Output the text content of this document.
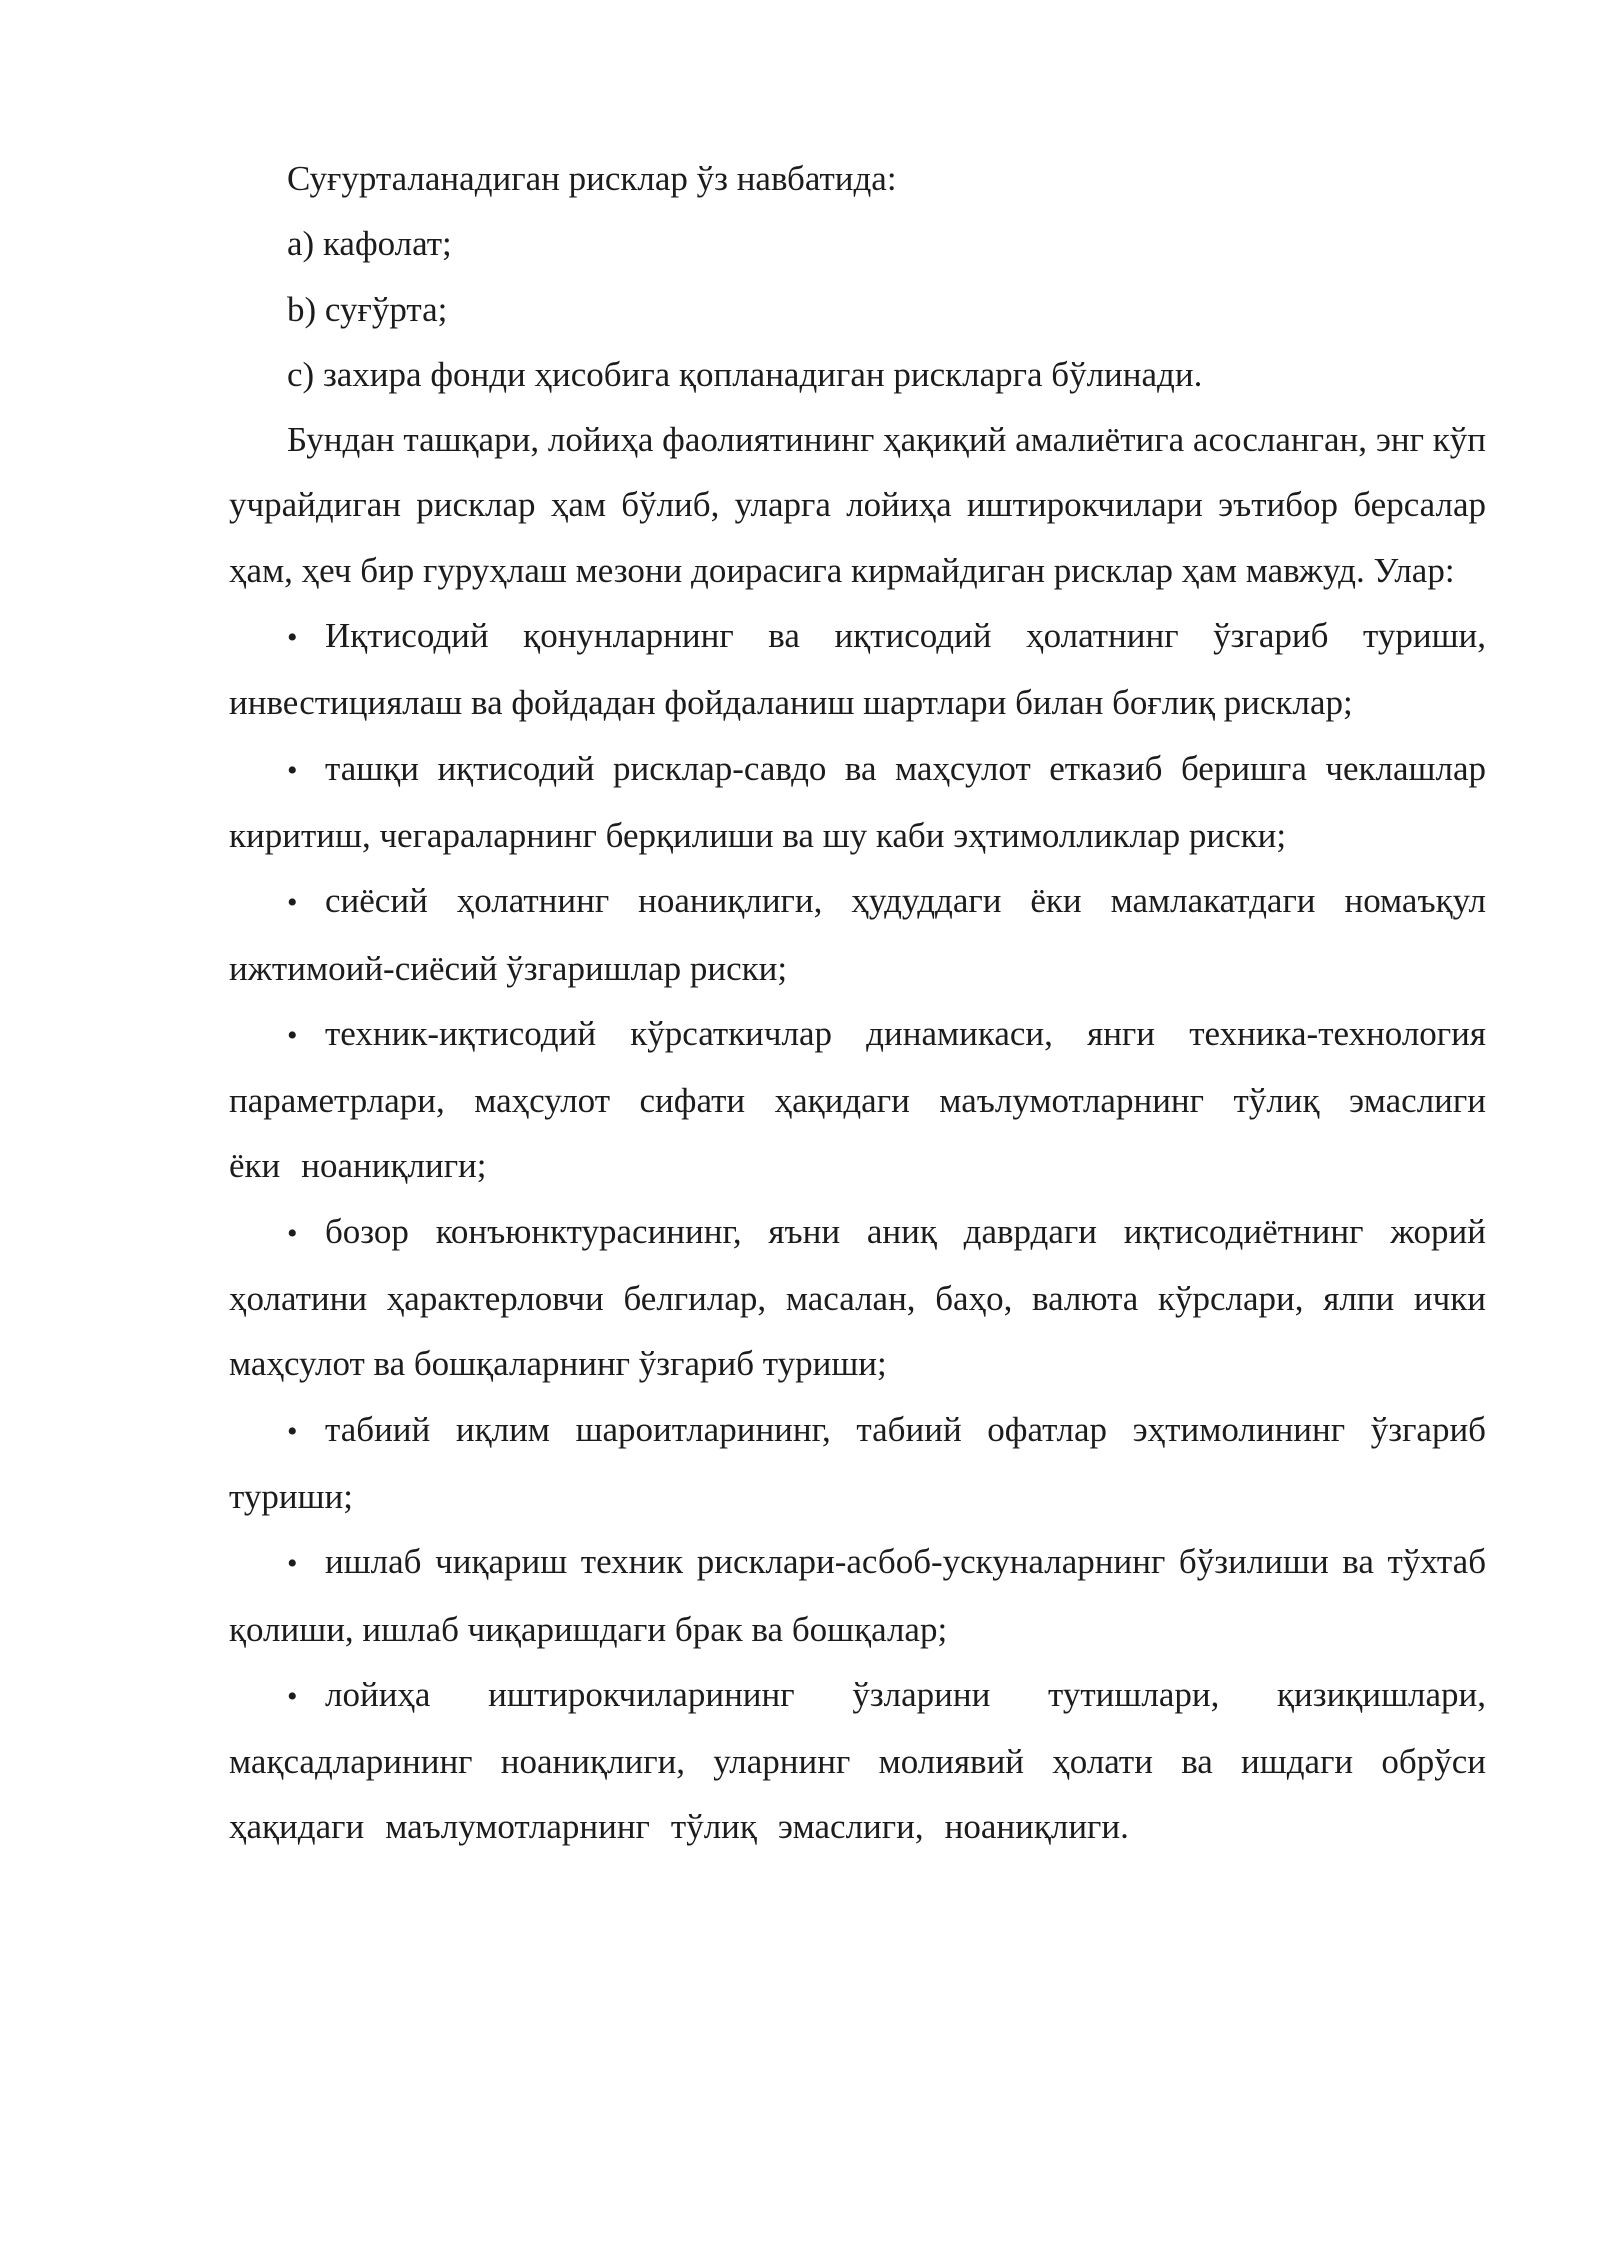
Суғурталанадиган рисклар ўз навбатида:

a) кафолат;

b) суғўрта;

c) захира фонди ҳисобига қопланадиган рискларга бўлинади.

Бундан ташқари, лойиҳа фаолиятининг ҳақиқий амалиётига асосланган, энг кўп учрайдиган рисклар ҳам бўлиб, уларга лойиҳа иштирокчилари эътибор берсалар ҳам, ҳеч бир гуруҳлаш мезони доирасига кирмайдиган рисклар ҳам мавжуд. Улар:

• Иқтисодий қонунларнинг ва иқтисодий ҳолатнинг ўзгариб туриши, инвестициялаш ва фойдадан фойдаланиш шартлари билан боғлиқ рисклар;

• ташқи иқтисодий рисклар-савдо ва маҳсулот етказиб беришга чеклашлар киритиш, чегараларнинг берқилиши ва шу каби эҳтимолликлар риски;

• сиёсий ҳолатнинг ноаниқлиги, ҳудуддаги ёки мамлакатдаги номаъқул ижтимоий-сиёсий ўзгаришлар риски;

• техник-иқтисодий кўрсаткичлар динамикаси, янги техника-технология параметрлари, маҳсулот сифати ҳақидаги маълумотларнинг тўлиқ эмаслиги ёки ноаниқлиги;

• бозор конъюнктурасининг, яъни аниқ даврдаги иқтисодиётнинг жорий ҳолатини ҳарактерловчи белгилар, масалан, баҳо, валюта кўрслари, ялпи ички маҳсулот ва бошқаларнинг ўзгариб туриши;

• табиий иқлим шароитларининг, табиий офатлар эҳтимолининг ўзгариб туриши;

• ишлаб чиқариш техник рисклари-асбоб-ускуналарнинг бўзилиши ва тўхтаб қолиши, ишлаб чиқаришдаги брак ва бошқалар;

• лойиҳа иштирокчиларининг ўзларини тутишлари, қизиқишлари, мақсадларининг ноаниқлиги, уларнинг молиявий ҳолати ва ишдаги обрўси ҳақидаги маълумотларнинг тўлиқ эмаслиги, ноаниқлиги.
